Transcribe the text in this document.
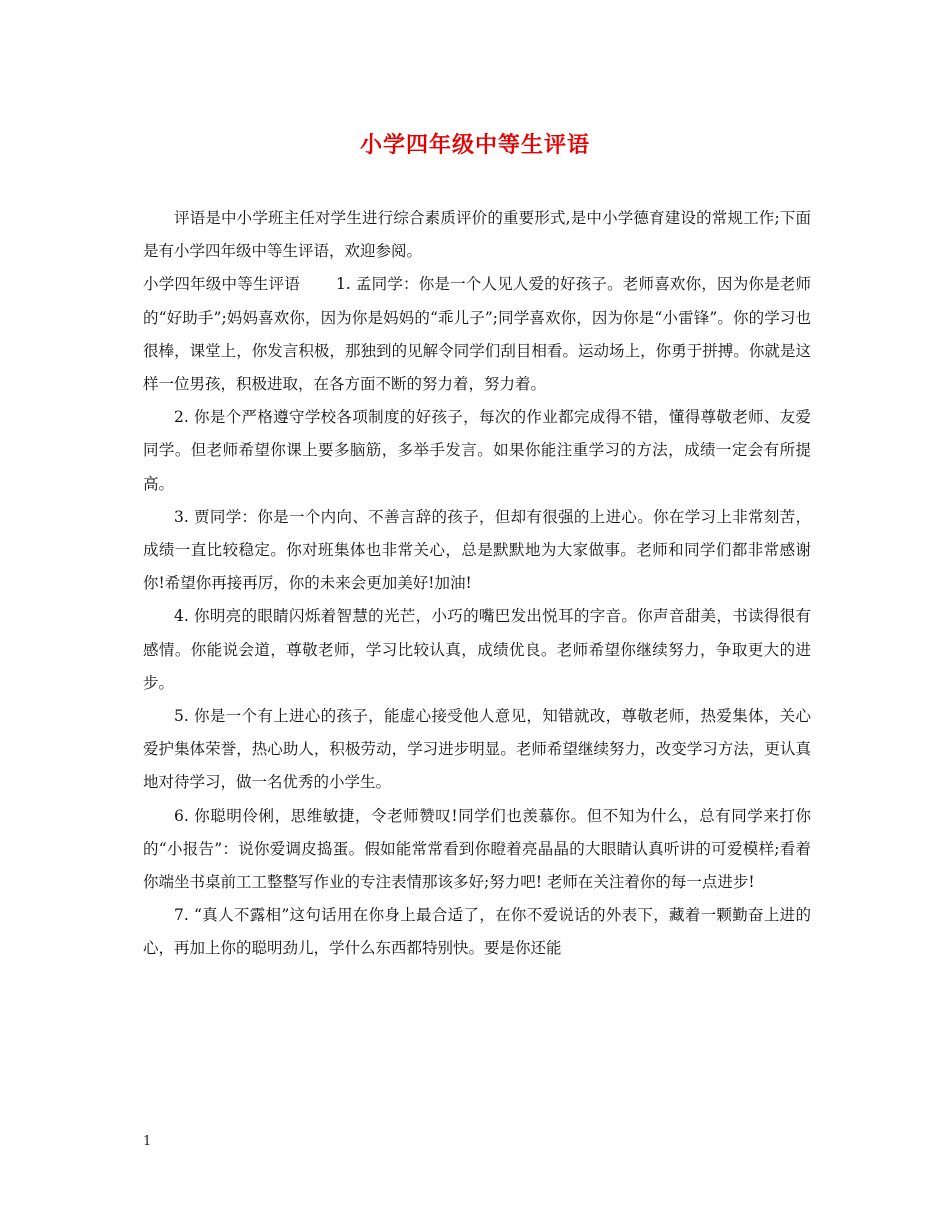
小学四年级中等生评语

评语是中小学班主任对学生进行综合素质评价的重要形式,是中小学德育建设的常规工作;下面是有小学四年级中等生评语，欢迎参阅。

小学四年级中等生评语 1. 孟同学：你是一个人见人爱的好孩子。老师喜欢你，因为你是老师的“好助手”;妈妈喜欢你，因为你是妈妈的“乖儿子”;同学喜欢你，因为你是“小雷锋”。你的学习也很棒，课堂上，你发言积极，那独到的见解令同学们刮目相看。运动场上，你勇于拼搏。你就是这样一位男孩，积极进取，在各方面不断的努力着，努力着。

2. 你是个严格遵守学校各项制度的好孩子，每次的作业都完成得不错，懂得尊敬老师、友爱同学。但老师希望你课上要多脑筋，多举手发言。如果你能注重学习的方法，成绩一定会有所提高。

3. 贾同学：你是一个内向、不善言辞的孩子，但却有很强的上进心。你在学习上非常刻苦，成绩一直比较稳定。你对班集体也非常关心，总是默默地为大家做事。老师和同学们都非常感谢你!希望你再接再厉，你的未来会更加美好!加油!

4. 你明亮的眼睛闪烁着智慧的光芒，小巧的嘴巴发出悦耳的字音。你声音甜美，书读得很有感情。你能说会道，尊敬老师，学习比较认真，成绩优良。老师希望你继续努力，争取更大的进步。

5. 你是一个有上进心的孩子，能虚心接受他人意见，知错就改，尊敬老师，热爱集体，关心爱护集体荣誉，热心助人，积极劳动，学习进步明显。老师希望继续努力，改变学习方法，更认真地对待学习，做一名优秀的小学生。

6. 你聪明伶俐，思维敏捷，令老师赞叹!同学们也羡慕你。但不知为什么，总有同学来打你的“小报告”：说你爱调皮捣蛋。假如能常常看到你瞪着亮晶晶的大眼睛认真听讲的可爱模样;看着你端坐书桌前工工整整写作业的专注表情那该多好;努力吧! 老师在关注着你的每一点进步!

7. “真人不露相”这句话用在你身上最合适了，在你不爱说话的外表下，藏着一颗勤奋上进的心，再加上你的聪明劲儿，学什么东西都特别快。要是你还能

1
